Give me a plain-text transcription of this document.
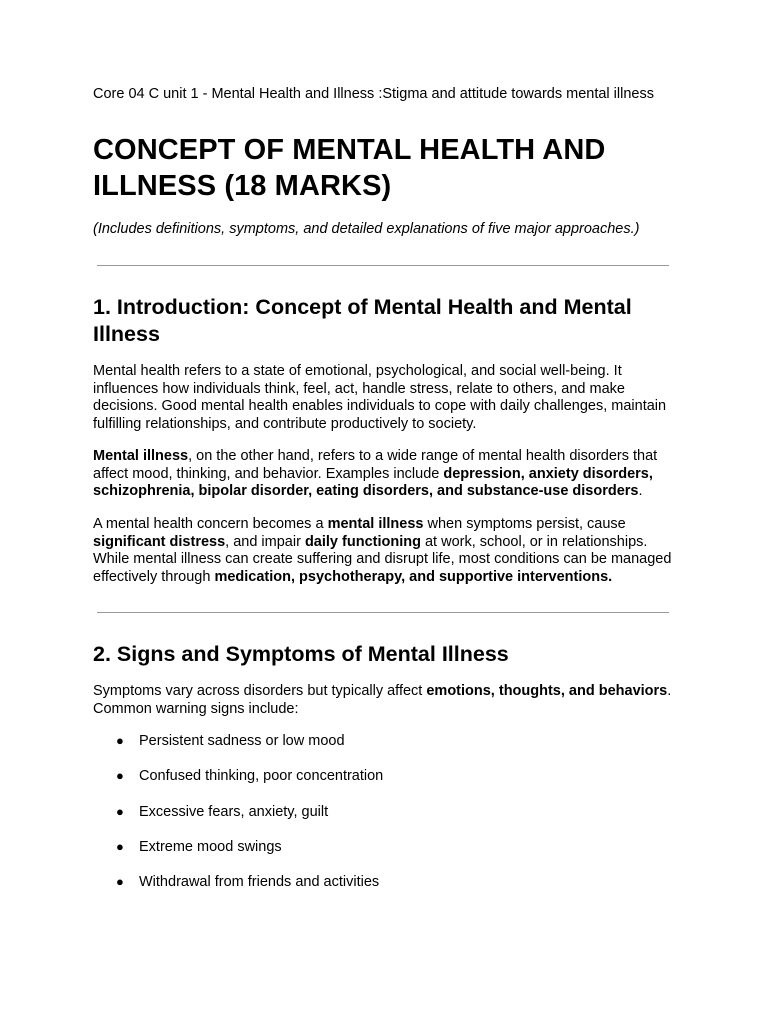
Core 04 C unit 1 - Mental Health and Illness :Stigma and attitude towards mental illness
CONCEPT OF MENTAL HEALTH AND
ILLNESS (18 MARKS)
(Includes definitions, symptoms, and detailed explanations of five major approaches.)
1. Introduction: Concept of Mental Health and Mental
Illness

Mental health refers to a state of emotional, psychological, and social well-being. It influences how individuals think, feel, act, handle stress, relate to others, and make decisions. Good mental health enables individuals to cope with daily challenges, maintain fulfilling relationships, and contribute productively to society.

Mental illness, on the other hand, refers to a wide range of mental health disorders that affect mood, thinking, and behavior. Examples include depression, anxiety disorders, schizophrenia, bipolar disorder, eating disorders, and substance-use disorders.

A mental health concern becomes a mental illness when symptoms persist, cause significant distress, and impair daily functioning at work, school, or in relationships. While mental illness can create suffering and disrupt life, most conditions can be managed effectively through medication, psychotherapy, and supportive interventions.

2. Signs and Symptoms of Mental Illness

Symptoms vary across disorders but typically affect emotions, thoughts, and behaviors. Common warning signs include:

● Persistent sadness or low mood
● Confused thinking, poor concentration
● Excessive fears, anxiety, guilt
● Extreme mood swings
● Withdrawal from friends and activities
